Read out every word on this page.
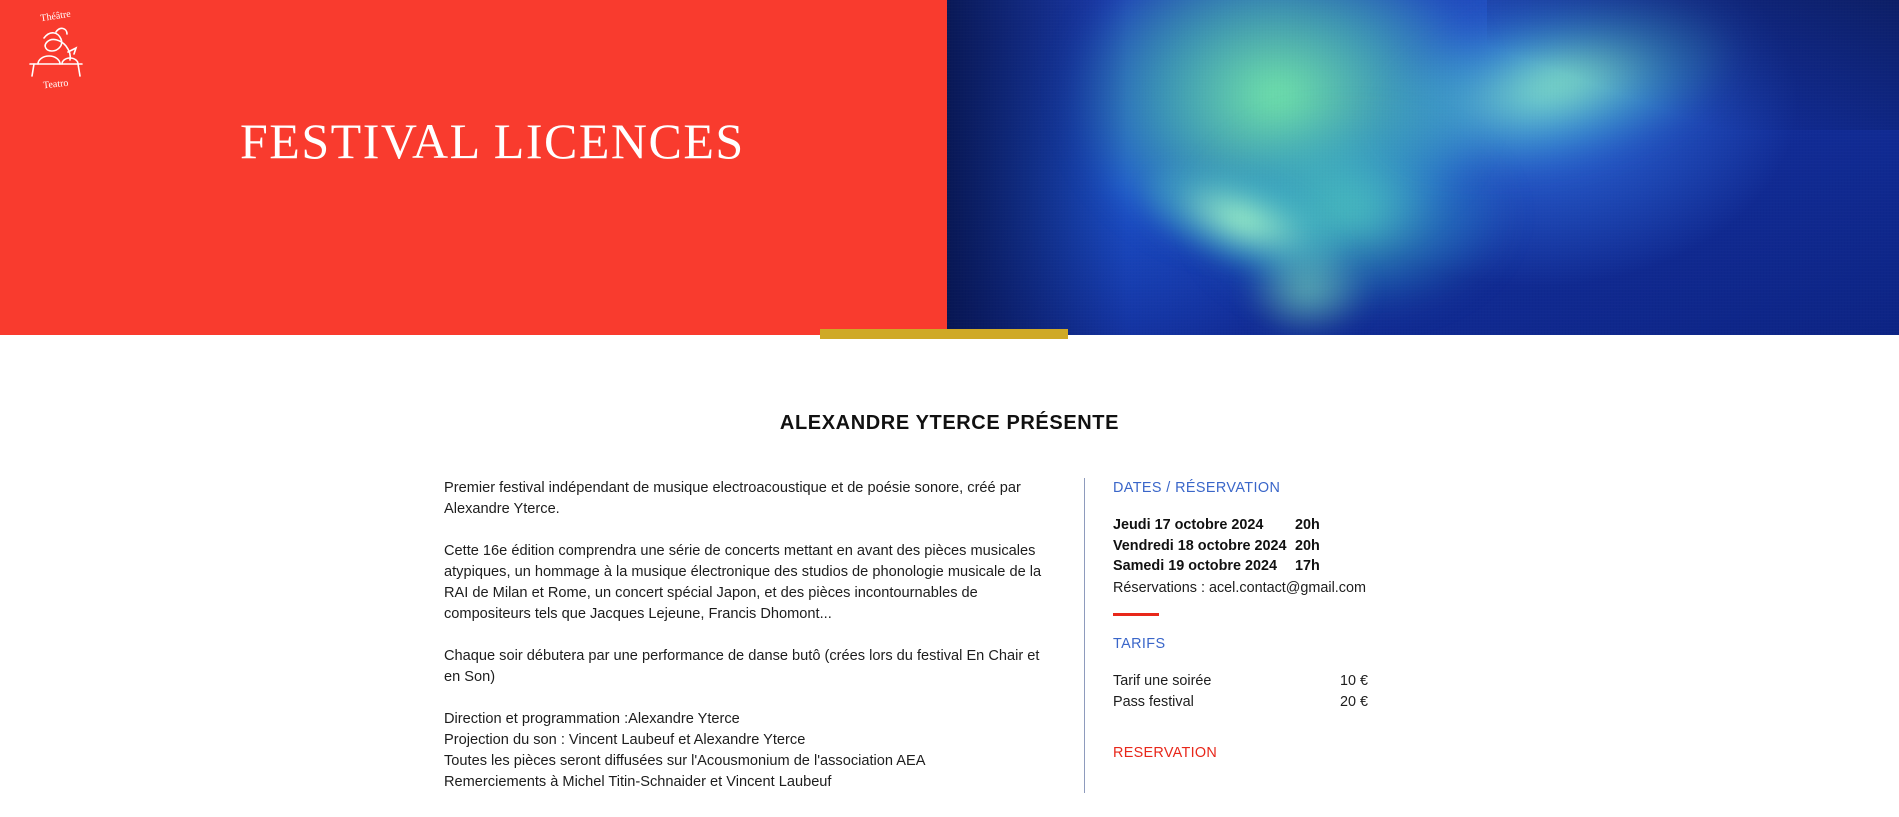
Théâtre
Teatro
FESTIVAL LICENCES
ALEXANDRE YTERCE PRÉSENTE

Premier festival indépendant de musique electroacoustique et de poésie sonore, créé par Alexandre Yterce.

Cette 16e édition comprendra une série de concerts mettant en avant des pièces musicales atypiques, un hommage à la musique électronique des studios de phonologie musicale de la RAI de Milan et Rome, un concert spécial Japon, et des pièces incontournables de compositeurs tels que Jacques Lejeune, Francis Dhomont...

Chaque soir débutera par une performance de danse butô (crées lors du festival En Chair et en Son)

Direction et programmation :Alexandre Yterce

Projection du son : Vincent Laubeuf et Alexandre Yterce

Toutes les pièces seront diffusées sur l'Acousmonium de l'association AEA

Remerciements à Michel Titin-Schnaider et Vincent Laubeuf

DATES / RÉSERVATION
Jeudi 17 octobre 2024	20h
Vendredi 18 octobre 2024 20h
Samedi 19 octobre 2024	17h
Réservations : acel.contact@gmail.com
TARIFS
Tarif une soirée	10 €
Pass festival	20 €
RESERVATION
